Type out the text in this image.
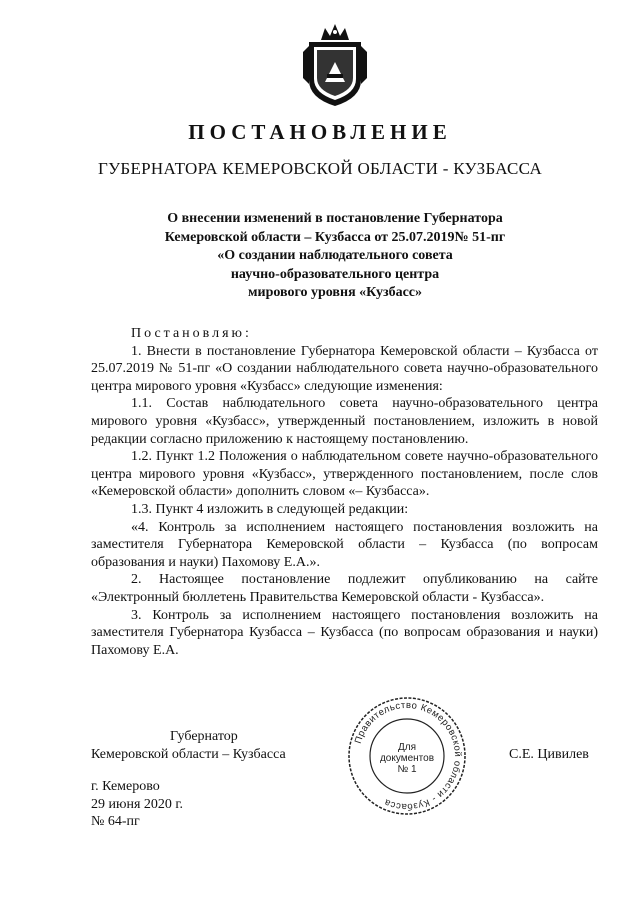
ПОСТАНОВЛЕНИЕ
ГУБЕРНАТОРА КЕМЕРОВСКОЙ ОБЛАСТИ - КУЗБАССА
О внесении изменений в постановление Губернатора
Кемеровской области – Кузбасса от 25.07.2019№ 51-пг
«О создании наблюдательного совета
научно-образовательного центра
мирового уровня «Кузбасс»

Постановляю:

1. Внести в постановление Губернатора Кемеровской области – Кузбасса от 25.07.2019 № 51-пг «О создании наблюдательного совета научно-образовательного центра мирового уровня «Кузбасс» следующие изменения:

1.1. Состав наблюдательного совета научно-образовательного центра мирового уровня «Кузбасс», утвержденный постановлением, изложить в новой редакции согласно приложению к настоящему постановлению.

1.2. Пункт 1.2 Положения о наблюдательном совете научно-образовательного центра мирового уровня «Кузбасс», утвержденного постановлением, после слов «Кемеровской области» дополнить словом «– Кузбасса».

1.3. Пункт 4 изложить в следующей редакции:

«4. Контроль за исполнением настоящего постановления возложить на заместителя Губернатора Кемеровской области – Кузбасса (по вопросам образования и науки) Пахомову Е.А.».

2. Настоящее постановление подлежит опубликованию на сайте «Электронный бюллетень Правительства Кемеровской области - Кузбасса».

3. Контроль за исполнением настоящего постановления возложить на заместителя Губернатора Кузбасса – Кузбасса (по вопросам образования и науки) Пахомову Е.А.

Губернатор
Кемеровской области – Кузбасса	С.Е. Цивилев
Правительство Кемеровской области - Кузбасса
Для
документов
№ 1
г. Кемерово
29 июня 2020 г.
№ 64-пг
